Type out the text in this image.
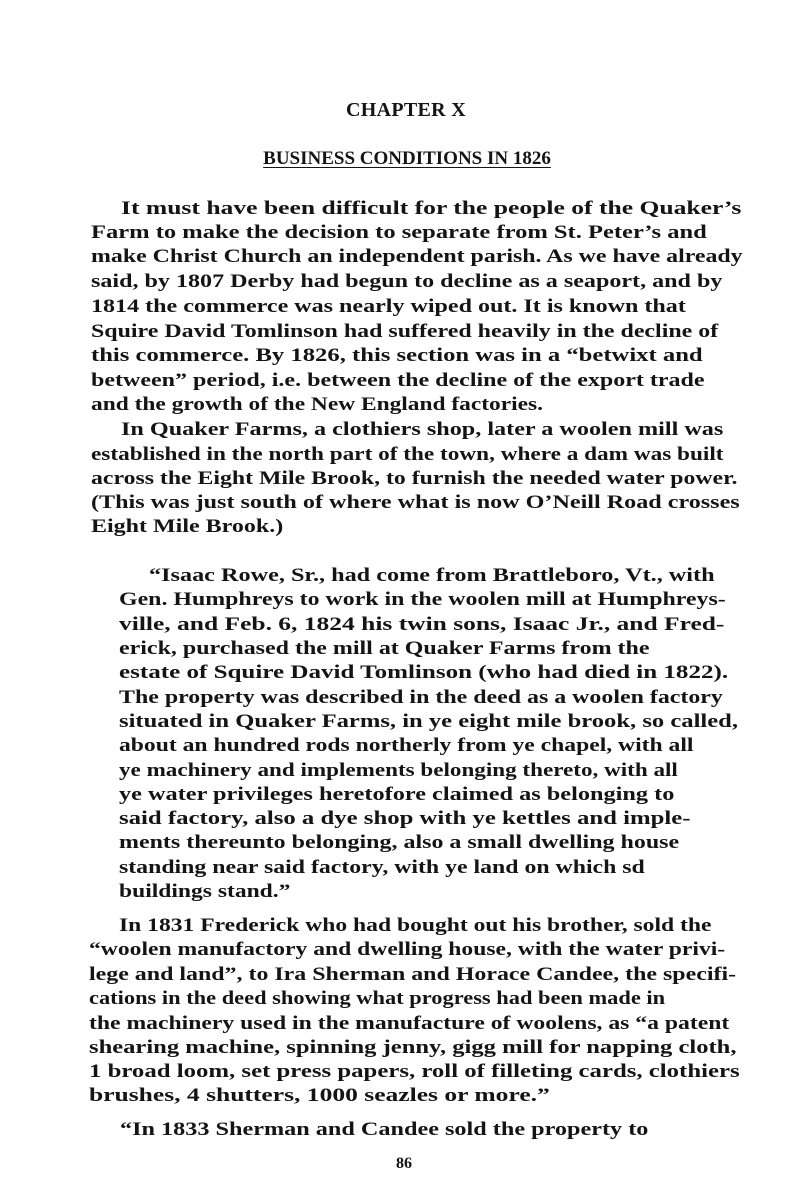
CHAPTER X
BUSINESS CONDITIONS IN 1826
It must have been difficult for the people of the Quaker’s
Farm to make the decision to separate from St. Peter’s and
make Christ Church an independent parish. As we have already
said, by 1807 Derby had begun to decline as a seaport, and by
1814 the commerce was nearly wiped out. It is known that
Squire David Tomlinson had suffered heavily in the decline of
this commerce. By 1826, this section was in a “betwixt and
between” period, i.e. between the decline of the export trade
and the growth of the New England factories.
In Quaker Farms, a clothiers shop, later a woolen mill was
established in the north part of the town, where a dam was built
across the Eight Mile Brook, to furnish the needed water power.
(This was just south of where what is now O’Neill Road crosses
Eight Mile Brook.)
“Isaac Rowe, Sr., had come from Brattleboro, Vt., with
Gen. Humphreys to work in the woolen mill at Humphreys-
ville, and Feb. 6, 1824 his twin sons, Isaac Jr., and Fred-
erick, purchased the mill at Quaker Farms from the
estate of Squire David Tomlinson (who had died in 1822).
The property was described in the deed as a woolen factory
situated in Quaker Farms, in ye eight mile brook, so called,
about an hundred rods northerly from ye chapel, with all
ye machinery and implements belonging thereto, with all
ye water privileges heretofore claimed as belonging to
said factory, also a dye shop with ye kettles and imple-
ments thereunto belonging, also a small dwelling house
standing near said factory, with ye land on which sd
buildings stand.”
In 1831 Frederick who had bought out his brother, sold the
“woolen manufactory and dwelling house, with the water privi-
lege and land”, to Ira Sherman and Horace Candee, the specifi-
cations in the deed showing what progress had been made in
the machinery used in the manufacture of woolens, as “a patent
shearing machine, spinning jenny, gigg mill for napping cloth,
1 broad loom, set press papers, roll of filleting cards, clothiers
brushes, 4 shutters, 1000 seazles or more.”
“In 1833 Sherman and Candee sold the property to
86
